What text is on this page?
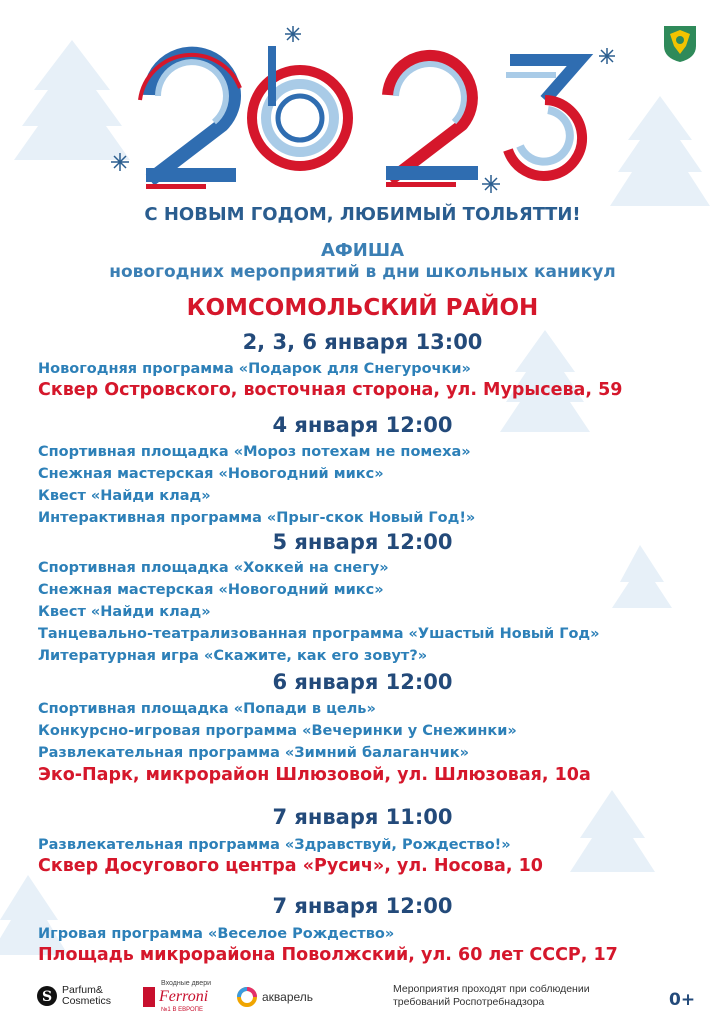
С НОВЫМ ГОДОМ, ЛЮБИМЫЙ ТОЛЬЯТТИ!
АФИША
новогодних мероприятий в дни школьных каникул
КОМСОМОЛЬСКИЙ РАЙОН
2, 3, 6 января 13:00
Новогодняя программа «Подарок для Снегурочки»
Сквер Островского, восточная сторона, ул. Мурысева, 59
4 января 12:00
Спортивная площадка «Мороз потехам не помеха»
Снежная мастерская «Новогодний микс»
Квест «Найди клад»
Интерактивная программа «Прыг-скок Новый Год!»
5 января 12:00
Спортивная площадка «Хоккей на снегу»
Снежная мастерская «Новогодний микс»
Квест «Найди клад»
Танцевально-театрализованная программа «Ушастый Новый Год»
Литературная игра «Скажите, как его зовут?»
6 января 12:00
Спортивная площадка «Попади в цель»
Конкурсно-игровая программа «Вечеринки у Снежинки»
Развлекательная программа «Зимний балаганчик»
Эко-Парк, микрорайон Шлюзовой, ул. Шлюзовая, 10а
7 января 11:00
Развлекательная программа «Здравствуй, Рождество!»
Сквер Досугового центра «Русич», ул. Носова, 10
7 января 12:00
Игровая программа «Веселое Рождество»
Площадь микрорайона Поволжский, ул. 60 лет СССР, 17
S Parfum&
Cosmetics
Входные двери
Ferroni
№1 В ЕВРОПЕ
акварель
Мероприятия проходят при соблюдении
требований Роспотребнадзора	0+
